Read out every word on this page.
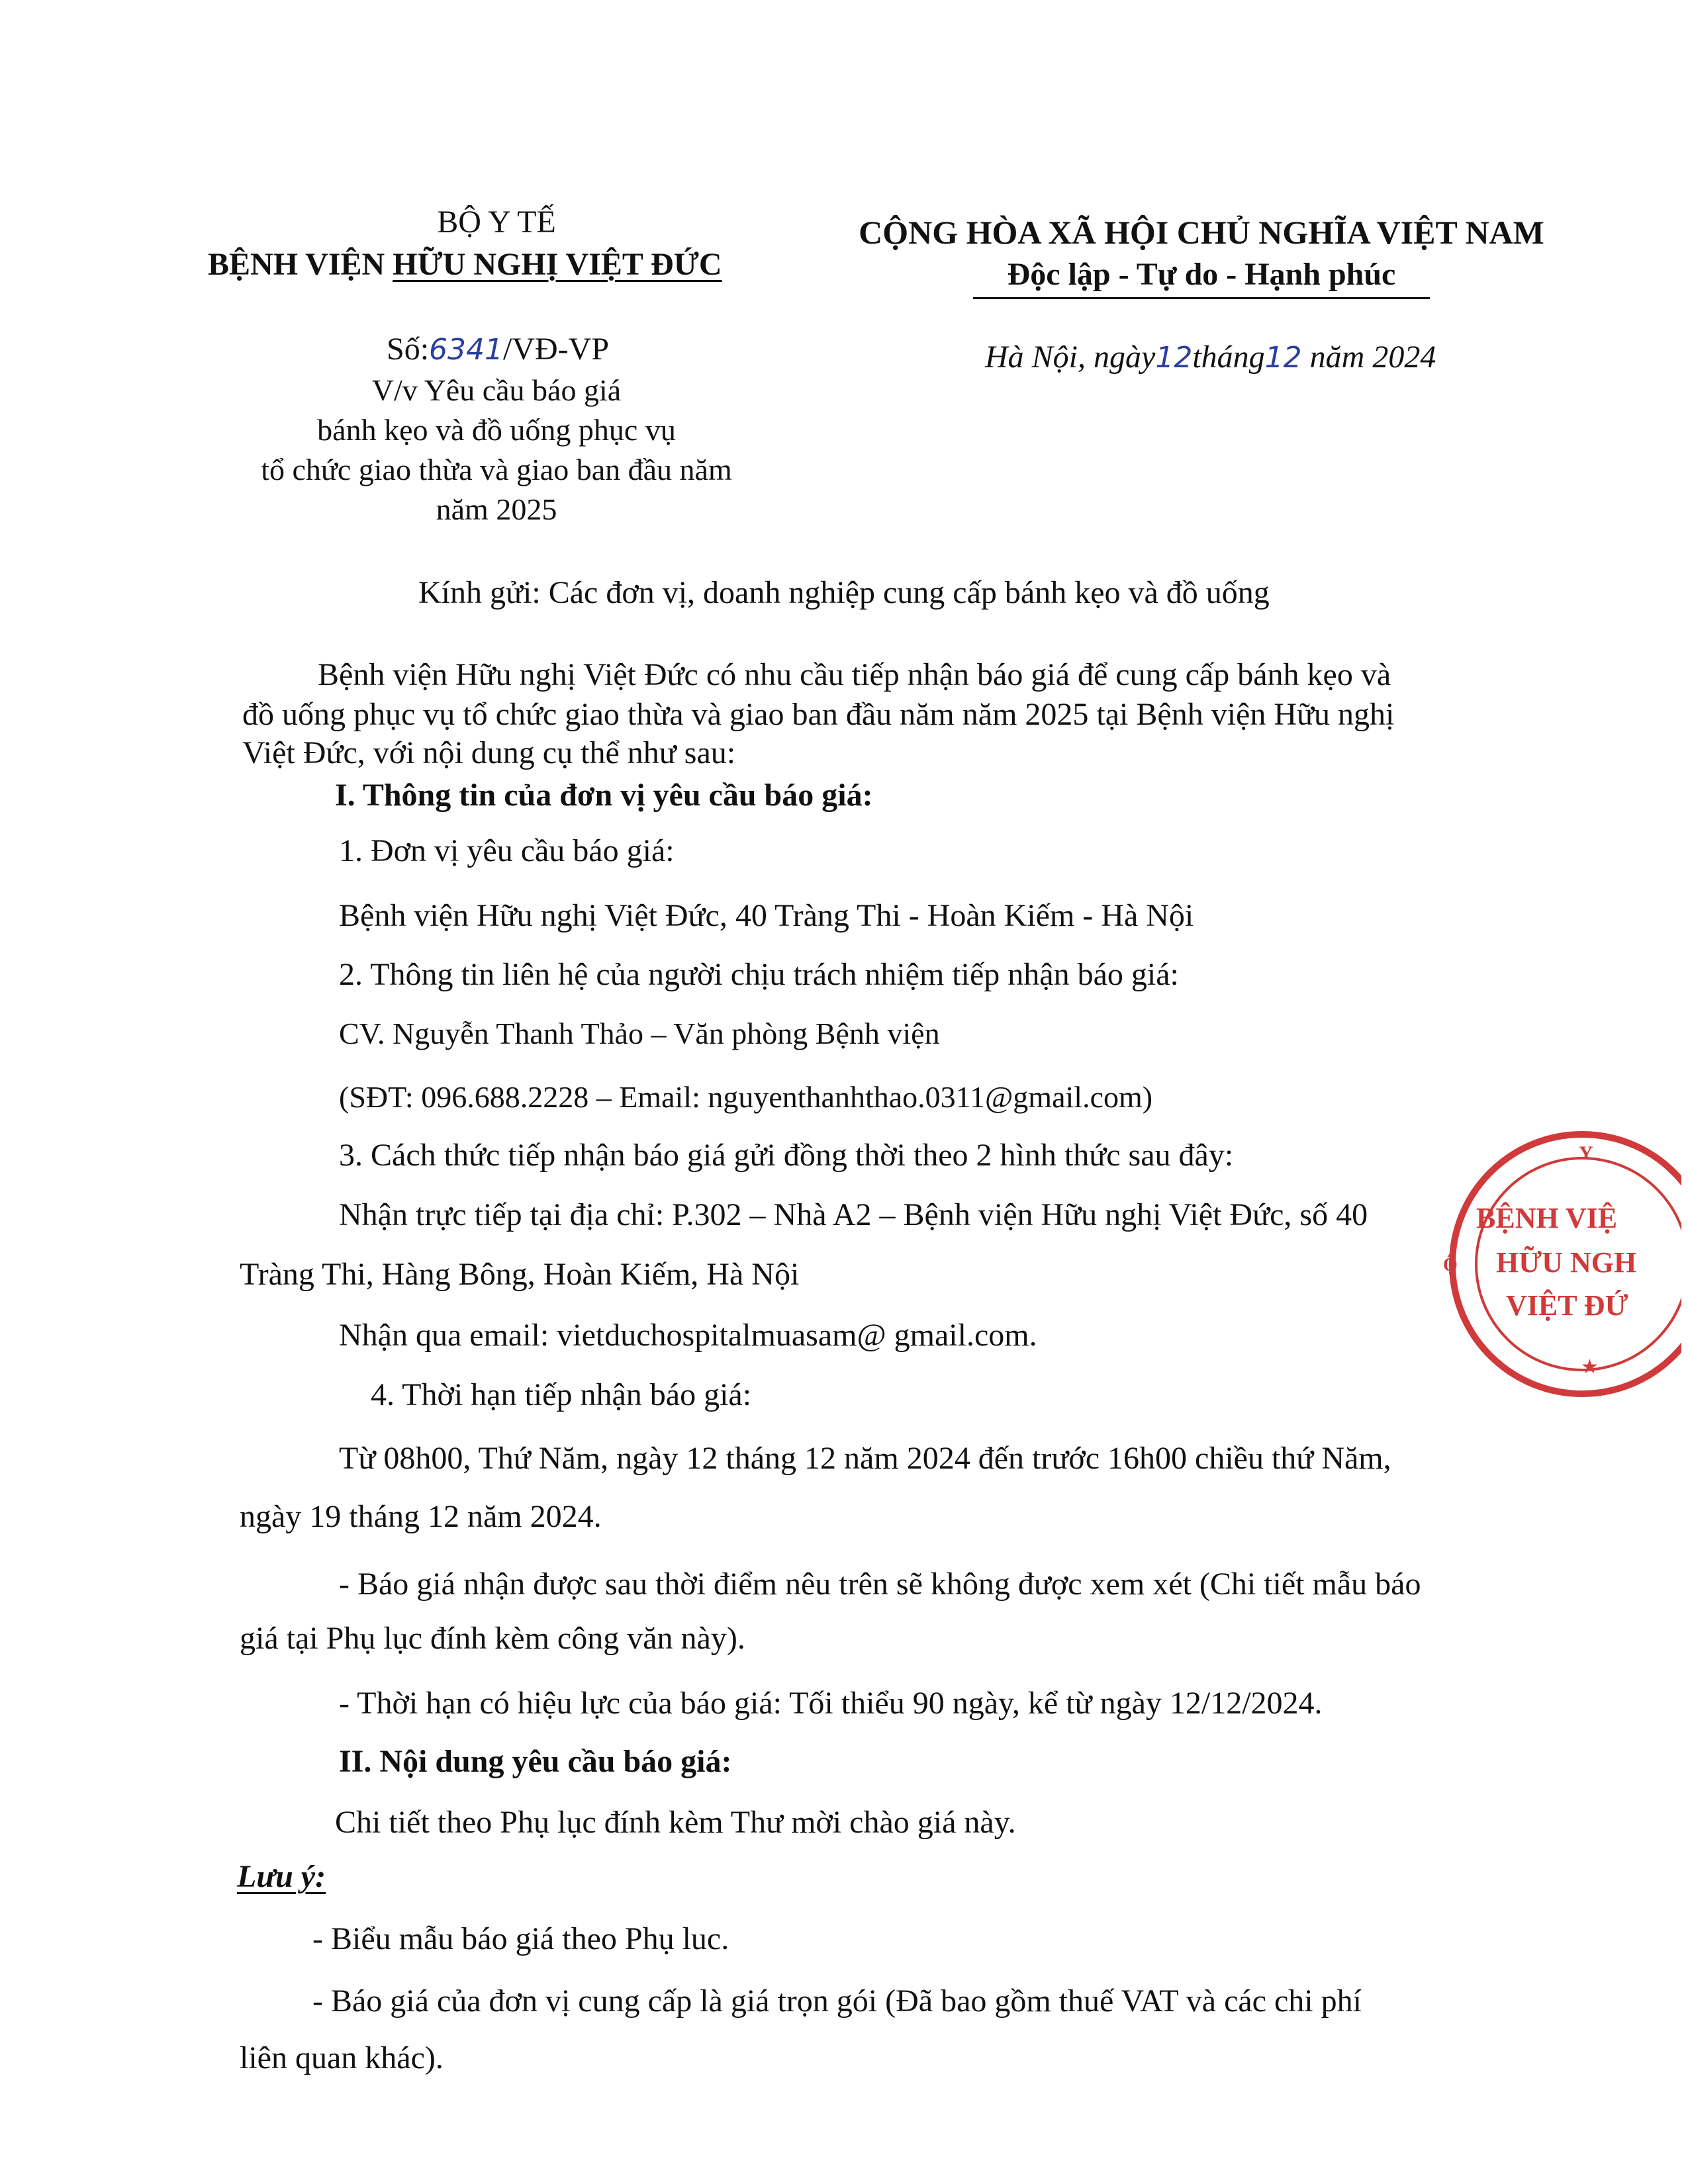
BỘ Y TẾ
BỆNH VIỆN HỮU NGHỊ VIỆT ĐỨC
CỘNG HÒA XÃ HỘI CHỦ NGHĨA VIỆT NAM
Độc lập - Tự do - Hạnh phúc
Số:6341/VĐ-VP
V/v Yêu cầu báo giá
bánh kẹo và đồ uống phục vụ
tổ chức giao thừa và giao ban đầu năm
năm 2025
Hà Nội, ngày12tháng12 năm 2024
Kính gửi: Các đơn vị, doanh nghiệp cung cấp bánh kẹo và đồ uống
Bệnh viện Hữu nghị Việt Đức có nhu cầu tiếp nhận báo giá để cung cấp bánh kẹo và
đồ uống phục vụ tổ chức giao thừa và giao ban đầu năm năm 2025 tại Bệnh viện Hữu nghị
Việt Đức, với nội dung cụ thể như sau:
I. Thông tin của đơn vị yêu cầu báo giá:
1. Đơn vị yêu cầu báo giá:
Bệnh viện Hữu nghị Việt Đức, 40 Tràng Thi - Hoàn Kiếm - Hà Nội
2. Thông tin liên hệ của người chịu trách nhiệm tiếp nhận báo giá:
CV. Nguyễn Thanh Thảo – Văn phòng Bệnh viện
(SĐT: 096.688.2228 – Email: nguyenthanhthao.0311@gmail.com)
3. Cách thức tiếp nhận báo giá gửi đồng thời theo 2 hình thức sau đây:
Nhận trực tiếp tại địa chỉ: P.302 – Nhà A2 – Bệnh viện Hữu nghị Việt Đức, số 40
Tràng Thi, Hàng Bông, Hoàn Kiếm, Hà Nội
Nhận qua email: vietduchospitalmuasam@ gmail.com.
4. Thời hạn tiếp nhận báo giá:
Từ 08h00, Thứ Năm, ngày 12 tháng 12 năm 2024 đến trước 16h00 chiều thứ Năm,
ngày 19 tháng 12 năm 2024.
- Báo giá nhận được sau thời điểm nêu trên sẽ không được xem xét (Chi tiết mẫu báo
giá tại Phụ lục đính kèm công văn này).
- Thời hạn có hiệu lực của báo giá: Tối thiểu 90 ngày, kể từ ngày 12/12/2024.
II. Nội dung yêu cầu báo giá:
Chi tiết theo Phụ lục đính kèm Thư mời chào giá này.
Lưu ý:
- Biểu mẫu báo giá theo Phụ luc.
- Báo giá của đơn vị cung cấp là giá trọn gói (Đã bao gồm thuế VAT và các chi phí
liên quan khác).
Y
Ộ
★
BỆNH VIỆ
HỮU NGH
VIỆT ĐỨ
